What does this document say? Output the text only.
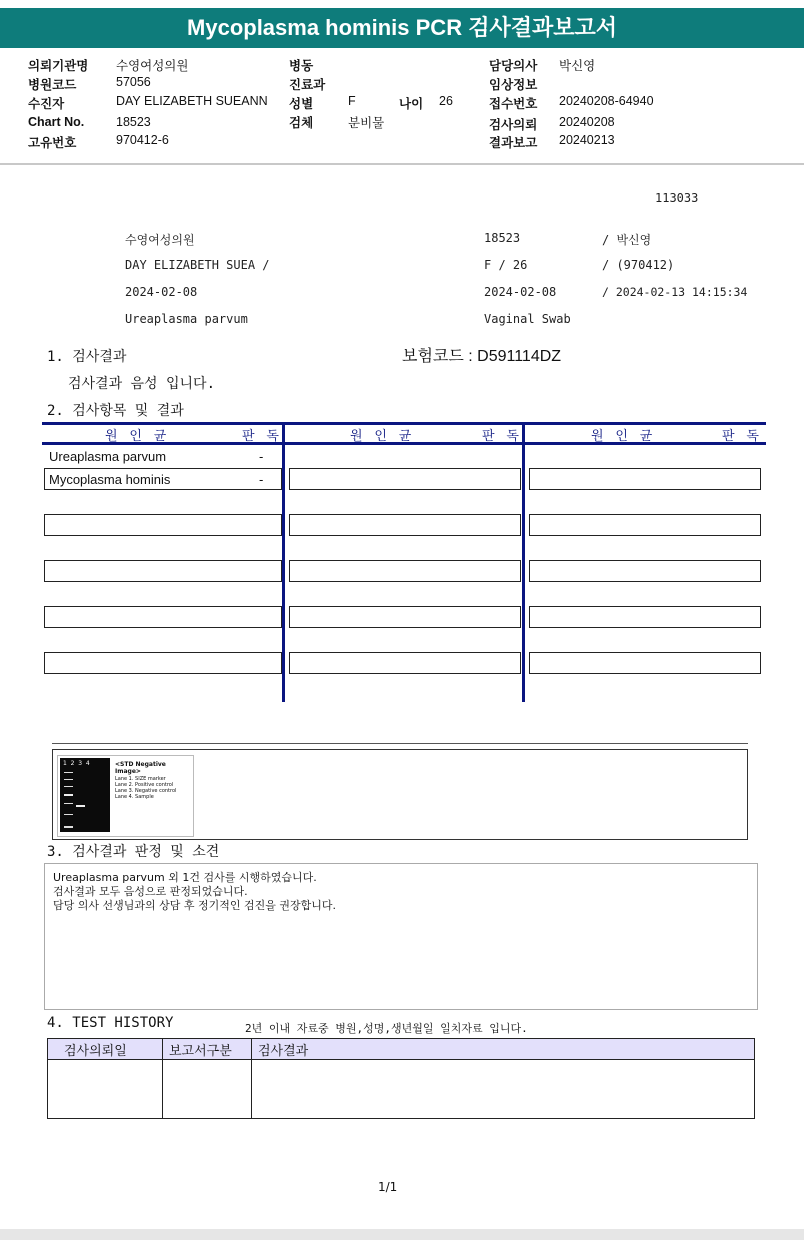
Mycoplasma hominis PCR 검사결과보고서
의뢰기관명	수영여성의원
병원코드	57056
수진자	DAY ELIZABETH SUEANN
Chart No.	18523
고유번호	970412-6
병동
진료과
성별	F	나이	26
검체	분비물
담당의사	박신영
임상정보
접수번호	20240208-64940
검사의뢰	20240208
결과보고	20240213
113033
수영여성의원	18523	/ 박신영
DAY ELIZABETH SUEA /	F / 26	/ (970412)
2024-02-08	2024-02-08	/ 2024-02-13 14:15:34
Ureaplasma parvum	Vaginal Swab
1. 검사결과	보험코드 : D591114DZ
검사결과 음성 입니다.
2. 검사항목 및 결과
원 인 균	판 독	원 인 균	판 독	원 인 균	판 독
Ureaplasma parvum	-
Mycoplasma hominis	-
1  2  3  4	<STD Negative Image>
Lane 1. SIZE marker
Lane 2. Positive control
Lane 3. Negative control
Lane 4. Sample
3. 검사결과 판정 및 소견
Ureaplasma parvum 외 1건 검사를 시행하였습니다.
검사결과 모두 음성으로 판정되었습니다.
담당 의사 선생님과의 상담 후 정기적인 검진을 권장합니다.
4. TEST HISTORY	2년 이내 자료중 병원,성명,생년월일 일치자료 입니다.
검사의뢰일	보고서구분	검사결과

1/1
